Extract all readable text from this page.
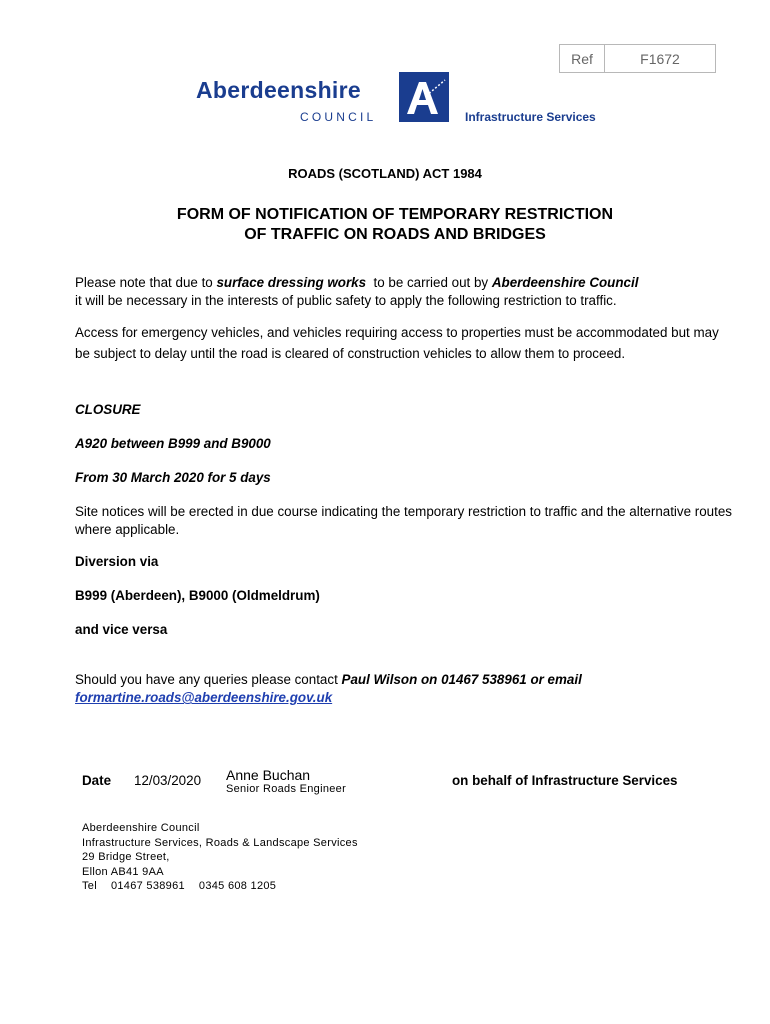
Ref	F1672
Aberdeenshire
COUNCIL	Infrastructure Services
ROADS (SCOTLAND) ACT 1984
FORM OF NOTIFICATION OF TEMPORARY RESTRICTION
OF TRAFFIC ON ROADS AND BRIDGES
Please note that due to surface dressing works  to be carried out by Aberdeenshire Council
it will be necessary in the interests of public safety to apply the following restriction to traffic.
Access for emergency vehicles, and vehicles requiring access to properties must be accommodated but may be subject to delay until the road is cleared of construction vehicles to allow them to proceed.
CLOSURE
A920 between B999 and B9000
From 30 March 2020 for 5 days
Site notices will be erected in due course indicating the temporary restriction to traffic and the alternative routes where applicable.
Diversion via
B999 (Aberdeen), B9000 (Oldmeldrum)
and vice versa
Should you have any queries please contact Paul Wilson on 01467 538961 or email
formartine.roads@aberdeenshire.gov.uk
Date 12/03/2020 Anne Buchan
Senior Roads Engineer
on behalf of Infrastructure Services
Aberdeenshire Council
Infrastructure Services, Roads & Landscape Services
29 Bridge Street,
Ellon AB41 9AA
Tel 01467 538961 0345 608 1205
